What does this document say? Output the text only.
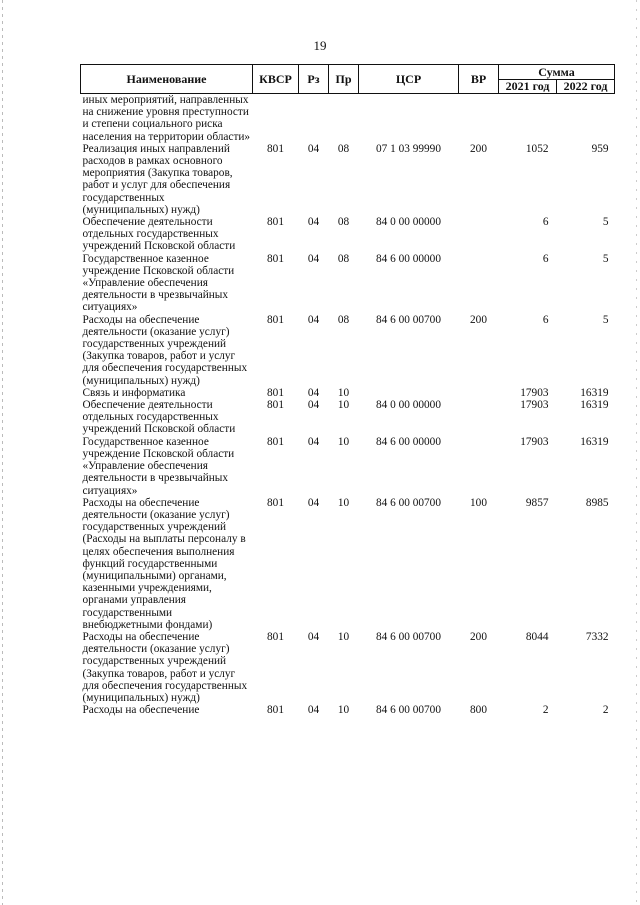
19
Наименование	КВСР	Рз	Пр	ЦСР	ВР	Сумма	
						2021 год	2022 год
иных мероприятий, направленных на снижение уровня преступности и степени социального риска населения на территории области»							
Реализация иных направлений расходов в рамках основного мероприятия (Закупка товаров, работ и услуг для обеспечения государственных (муниципальных) нужд)	801	04	08	07 1 03 99990	200	1052	959
Обеспечение деятельности отдельных государственных учреждений Псковской области	801	04	08	84 0 00 00000		6	5
Государственное казенное учреждение Псковской области «Управление обеспечения деятельности в чрезвычайных ситуациях»	801	04	08	84 6 00 00000		6	5
Расходы на обеспечение деятельности (оказание услуг) государственных учреждений (Закупка товаров, работ и услуг для обеспечения государственных (муниципальных) нужд)	801	04	08	84 6 00 00700	200	6	5
Связь и информатика	801	04	10			17903	16319
Обеспечение деятельности отдельных государственных учреждений Псковской области	801	04	10	84 0 00 00000		17903	16319
Государственное казенное учреждение Псковской области «Управление обеспечения деятельности в чрезвычайных ситуациях»	801	04	10	84 6 00 00000		17903	16319
Расходы на обеспечение деятельности (оказание услуг) государственных учреждений (Расходы на выплаты персоналу в целях обеспечения выполнения функций государственными (муниципальными) органами, казенными учреждениями, органами управления государственными внебюджетными фондами)	801	04	10	84 6 00 00700	100	9857	8985
Расходы на обеспечение деятельности (оказание услуг) государственных учреждений (Закупка товаров, работ и услуг для обеспечения государственных (муниципальных) нужд)	801	04	10	84 6 00 00700	200	8044	7332
Расходы на обеспечение	801	04	10	84 6 00 00700	800	2	2
